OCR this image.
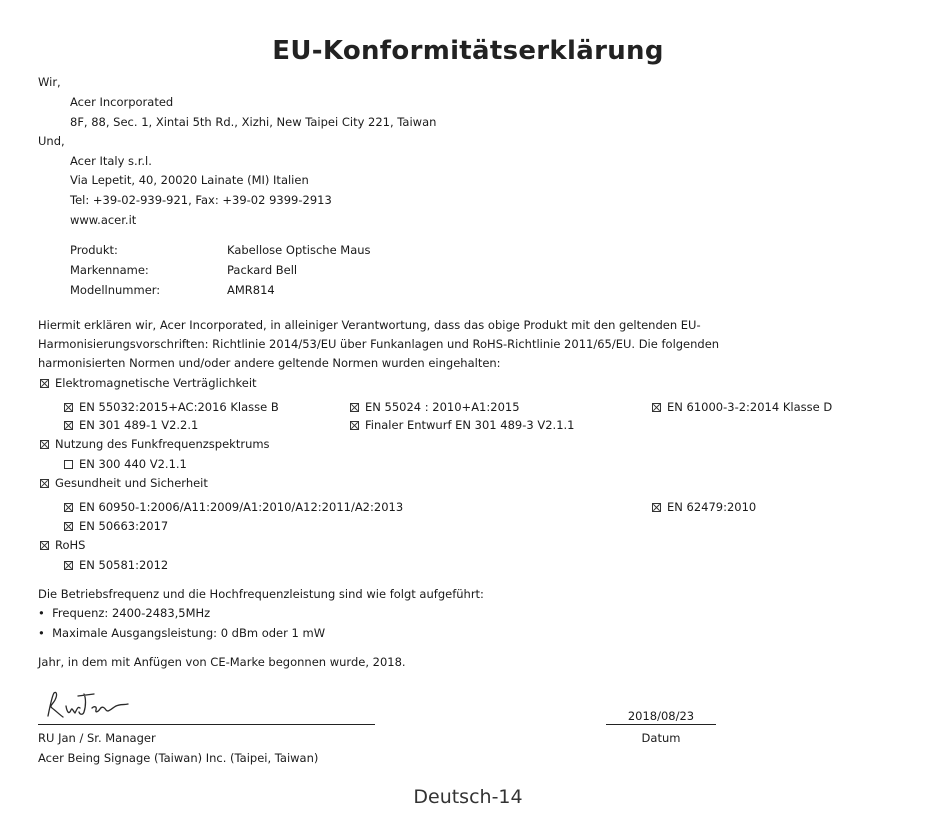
EU-Konformitätserklärung
Wir,
Acer Incorporated
8F, 88, Sec. 1, Xintai 5th Rd., Xizhi, New Taipei City 221, Taiwan
Und,
Acer Italy s.r.l.
Via Lepetit, 40, 20020 Lainate (MI) Italien
Tel: +39-02-939-921, Fax: +39-02 9399-2913
www.acer.it
Produkt:	Kabellose Optische Maus
Markenname:	Packard Bell
Modellnummer:	AMR814
Hiermit erklären wir, Acer Incorporated, in alleiniger Verantwortung, dass das obige Produkt mit den geltenden EU-
Harmonisierungsvorschriften: Richtlinie 2014/53/EU über Funkanlagen und RoHS-Richtlinie 2011/65/EU. Die folgenden
harmonisierten Normen und/oder andere geltende Normen wurden eingehalten:
Elektromagnetische Verträglichkeit
EN 55032:2015+AC:2016 Klasse B	EN 55024 : 2010+A1:2015	EN 61000-3-2:2014 Klasse D
EN 301 489-1 V2.2.1	Finaler Entwurf EN 301 489-3 V2.1.1
Nutzung des Funkfrequenzspektrums
EN 300 440 V2.1.1
Gesundheit und Sicherheit
EN 60950-1:2006/A11:2009/A1:2010/A12:2011/A2:2013	EN 62479:2010
EN 50663:2017
RoHS
EN 50581:2012
Die Betriebsfrequenz und die Hochfrequenzleistung sind wie folgt aufgeführt:
•  Frequenz: 2400-2483,5MHz
•  Maximale Ausgangsleistung: 0 dBm oder 1 mW
Jahr, in dem mit Anfügen von CE-Marke begonnen wurde, 2018.
RU Jan / Sr. Manager
Acer Being Signage (Taiwan) Inc. (Taipei, Taiwan)
2018/08/23
Datum
Deutsch-14
